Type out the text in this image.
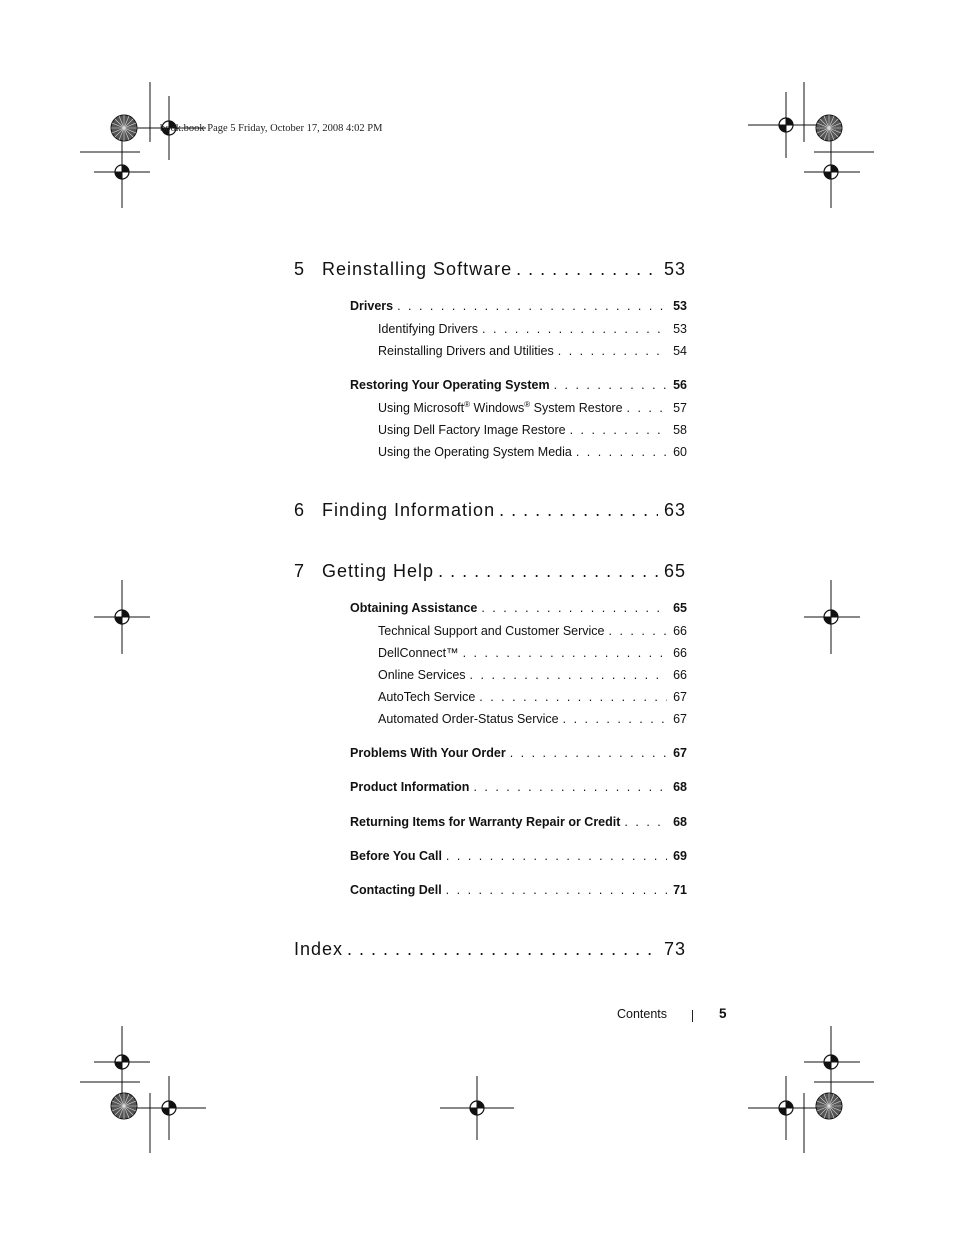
book.book Page 5 Friday, October 17, 2008 4:02 PM
5 Reinstalling Software . . .	53
Drivers . . .	53
Identifying Drivers . . .	53
Reinstalling Drivers and Utilities . . .	54
Restoring Your Operating System . . .	56
Using Microsoft® Windows® System Restore . . .	57
Using Dell Factory Image Restore . . .	58
Using the Operating System Media . . .	60
6 Finding Information . . .	63
7 Getting Help . . .	65
Obtaining Assistance . . .	65
Technical Support and Customer Service . . .	66
DellConnect™ . . .	66
Online Services . . .	66
AutoTech Service . . .	67
Automated Order-Status Service . . .	67
Problems With Your Order . . .	67
Product Information . . .	68
Returning Items for Warranty Repair or Credit . . .	68
Before You Call . . .	69
Contacting Dell . . .	71
Index . . .	73
Contents	5
